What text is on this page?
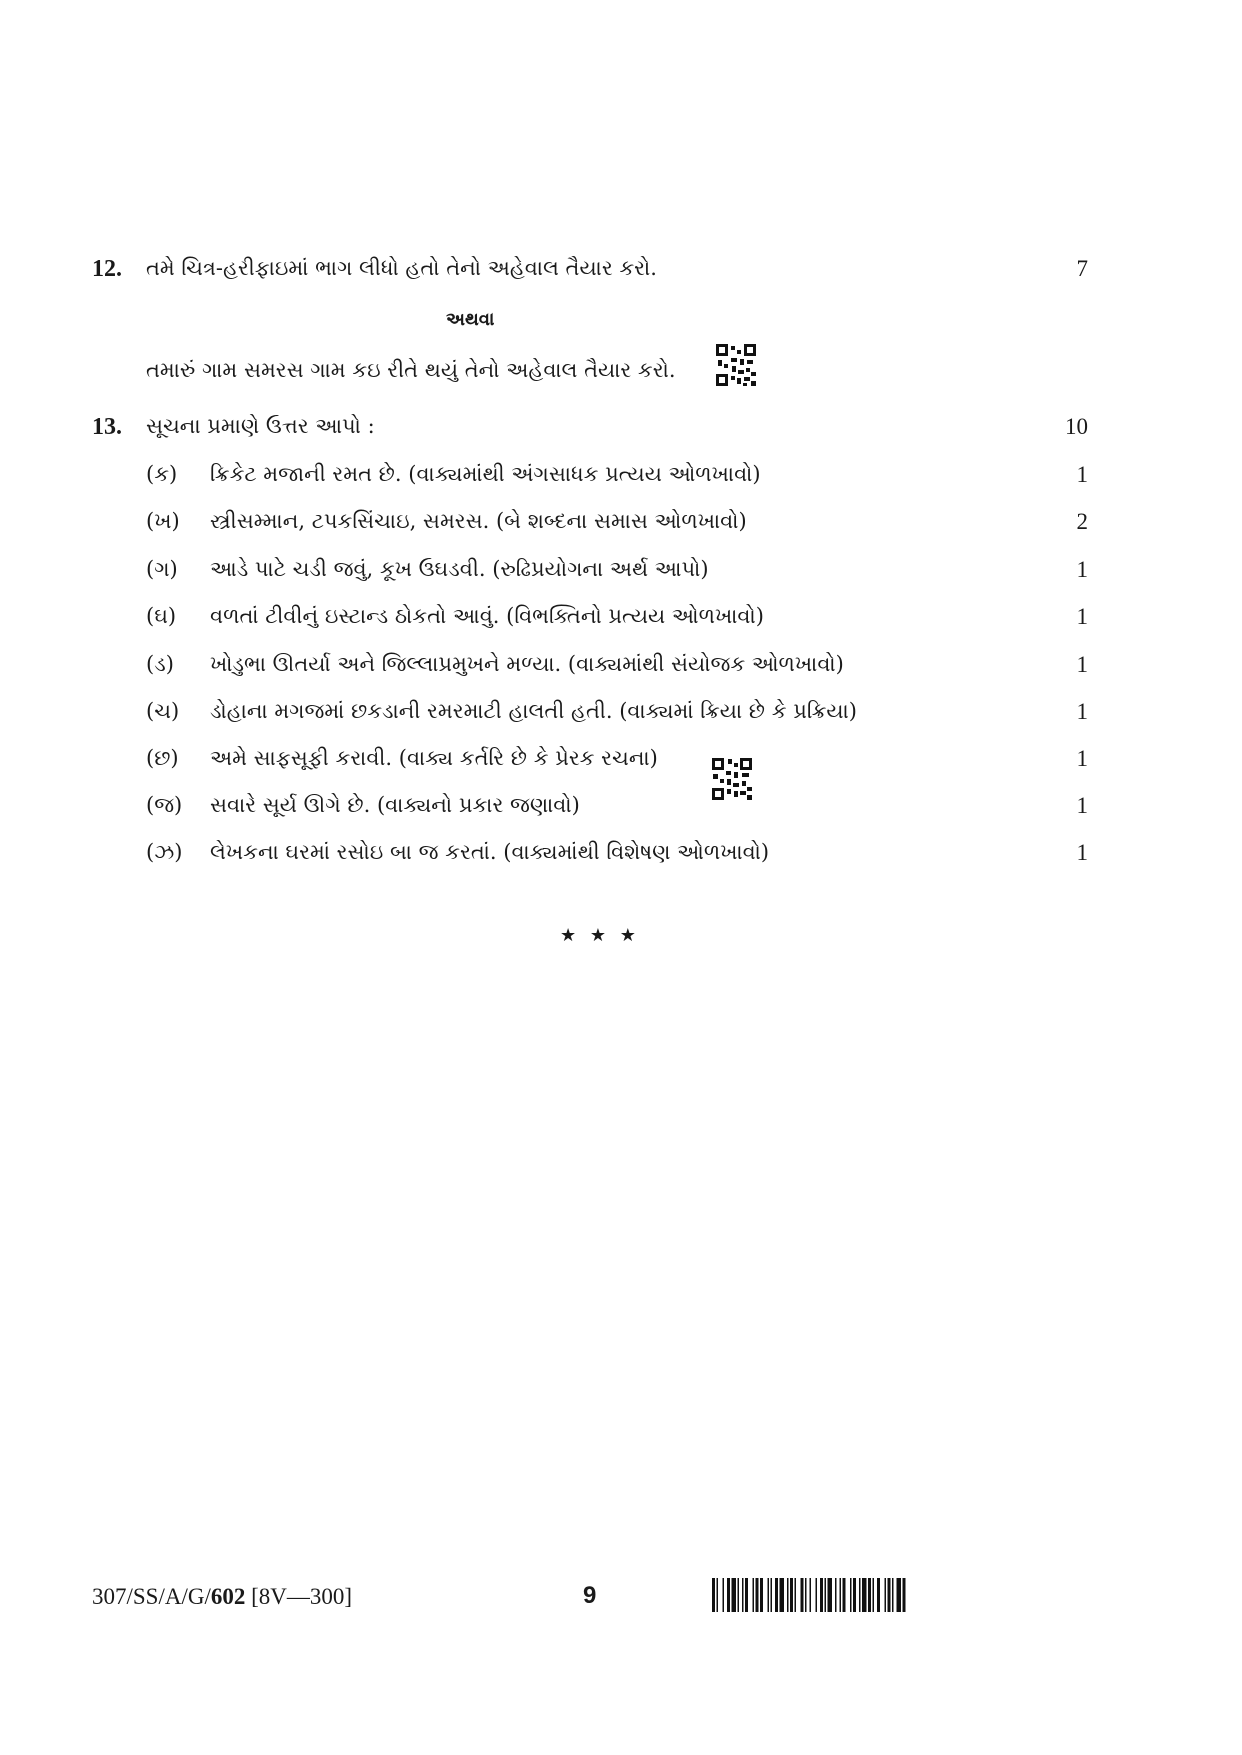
12. તમે ચિત્ર-હરીફાઇમાં ભાગ લીધો હતો તેનો અહેવાલ તૈયાર કરો.	7
અથવા
તમારું ગામ સમરસ ગામ કઇ રીતે થયું તેનો અહેવાલ તૈયાર કરો.
13. સૂચના પ્રમાણે ઉત્તર આપો :	10
(ક) ક્રિકેટ મજાની રમત છે. (વાક્યમાંથી અંગસાધક પ્રત્યય ઓળખાવો)	1
(ખ) સ્ત્રીસમ્માન, ટપકસિંચાઇ, સમરસ. (બે શબ્દના સમાસ ઓળખાવો)	2
(ગ) આડે પાટે ચડી જવું, કૂખ ઉઘડવી. (રુઢિપ્રયોગના અર્થ આપો)	1
(ઘ) વળતાં ટીવીનું ઇસ્ટાન્ડ ઠોકતો આવું. (વિભક્તિનો પ્રત્યય ઓળખાવો)	1
(ડ) ખોડુભા ઊતર્યા અને જિલ્લાપ્રમુખને મળ્યા. (વાક્યમાંથી સંયોજક ઓળખાવો)	1
(ચ) ડોહાના મગજમાં છકડાની રમરમાટી હાલતી હતી. (વાક્યમાં ક્રિયા છે કે પ્રક્રિયા)	1
(છ) અમે સાફસૂફી કરાવી. (વાક્ય કર્તરિ છે કે પ્રેરક રચના)	1
(જ) સવારે સૂર્ય ઊગે છે. (વાક્યનો પ્રકાર જણાવો)	1
(ઝ) લેખકના ઘરમાં રસોઇ બા જ કરતાં. (વાક્યમાંથી વિશેષણ ઓળખાવો)	1
★ ★ ★
307/SS/A/G/602 [8V—300]	9
